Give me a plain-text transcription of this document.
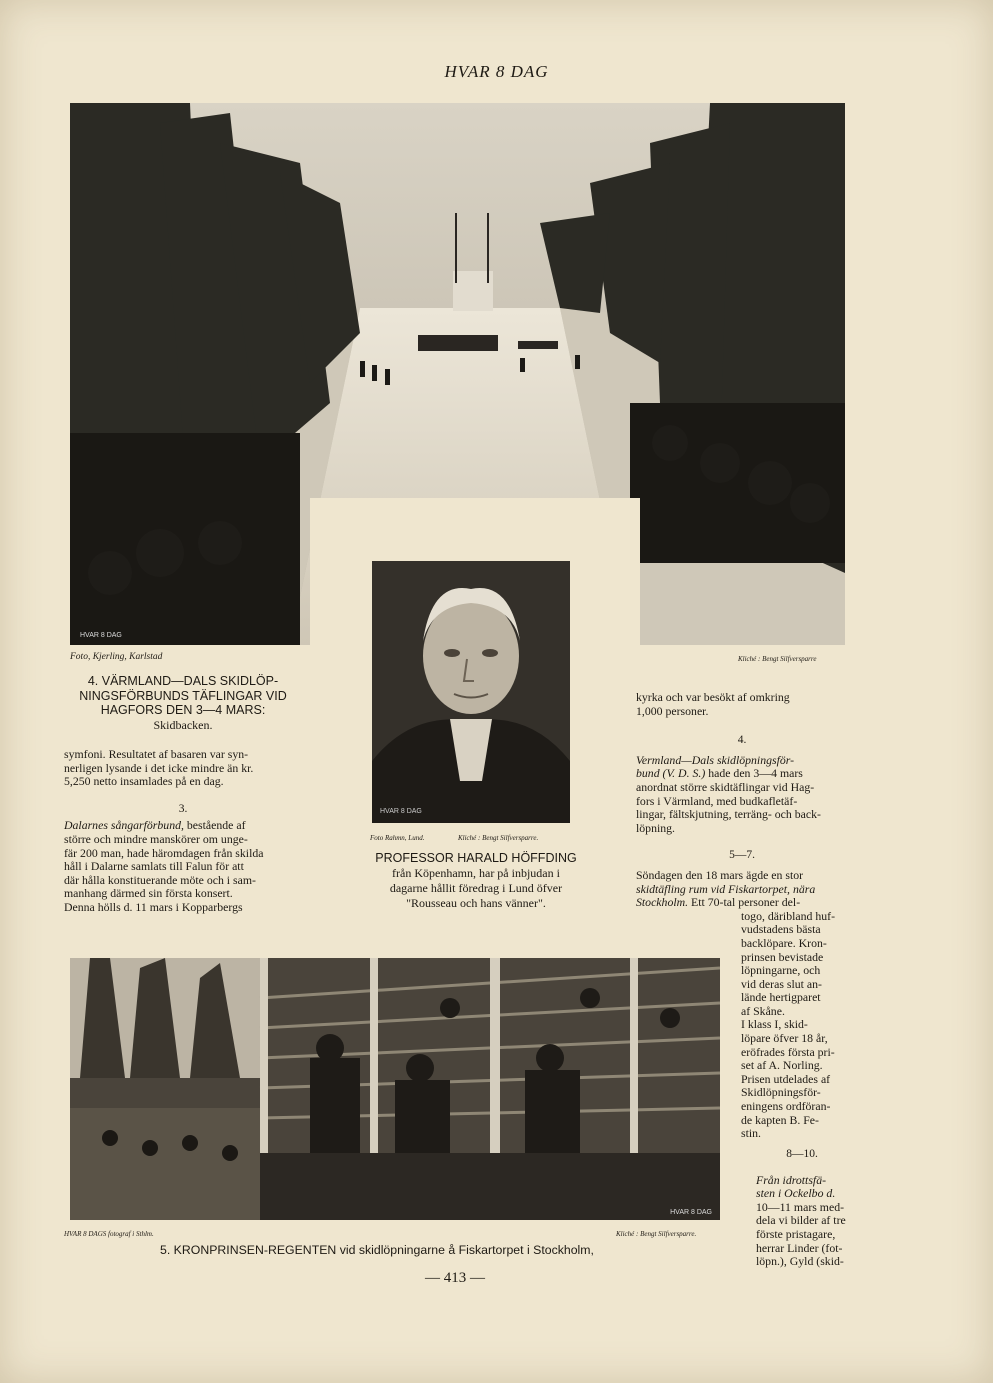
HVAR 8 DAG
HVAR 8 DAG
Foto, Kjerling, Karlstad	Kliché : Bengt Silfversparre
4. VÄRMLAND—DALS SKIDLÖP-
NINGSFÖRBUNDS TÄFLINGAR VID
HAGFORS DEN 3—4 MARS:
Skidbacken.
HVAR 8 DAG
Foto Rahmn, Lund.	Kliché : Bengt Silfversparre.
PROFESSOR HARALD HÖFFDING
från Köpenhamn, har på inbjudan i
dagarne hållit föredrag i Lund öfver
"Rousseau och hans vänner".

symfoni. Resultatet af basaren var syn-

nerligen lysande i det icke mindre än kr.

5,250 netto insamlades på en dag.

3.

Dalarnes sångarförbund, bestående af

större och mindre manskörer om unge-

fär 200 man, hade häromdagen från skilda

håll i Dalarne samlats till Falun för att

där hålla konstituerande möte och i sam-

manhang därmed sin första konsert.

Denna hölls d. 11 mars i Kopparbergs

kyrka och var besökt af omkring

1,000 personer.

4.

Vermland—Dals skidlöpningsför-

bund (V. D. S.) hade den 3—4 mars

anordnat större skidtäflingar vid Hag-

fors i Värmland, med budkafletäf-

lingar, fältskjutning, terräng- och back-

löpning.

5—7.

Söndagen den 18 mars ägde en stor

skidtäfling rum vid Fiskartorpet, nära

Stockholm. Ett 70-tal personer del-

togo, däribland huf-

vudstadens bästa

backlöpare. Kron-

prinsen bevistade

löpningarne, och

vid deras slut an-

lände hertigparet

af Skåne.

I klass I, skid-

löpare öfver 18 år,

eröfrades första pri-

set af A. Norling.

Prisen utdelades af

Skidlöpningsför-

eningens ordföran-

de kapten B. Fe-

stin.

8—10.

Från idrottsfä-

sten i Ockelbo d.

10—11 mars med-

dela vi bilder af tre

förste pristagare,

herrar Linder (fot-

löpn.), Gyld (skid-

HVAR 8 DAG
HVAR 8 DAGS fotograf i Sthlm.	Kliché : Bengt Silfversparre.
5. KRONPRINSEN-REGENTEN vid skidlöpningarne å Fiskartorpet i Stockholm,
— 413 —
